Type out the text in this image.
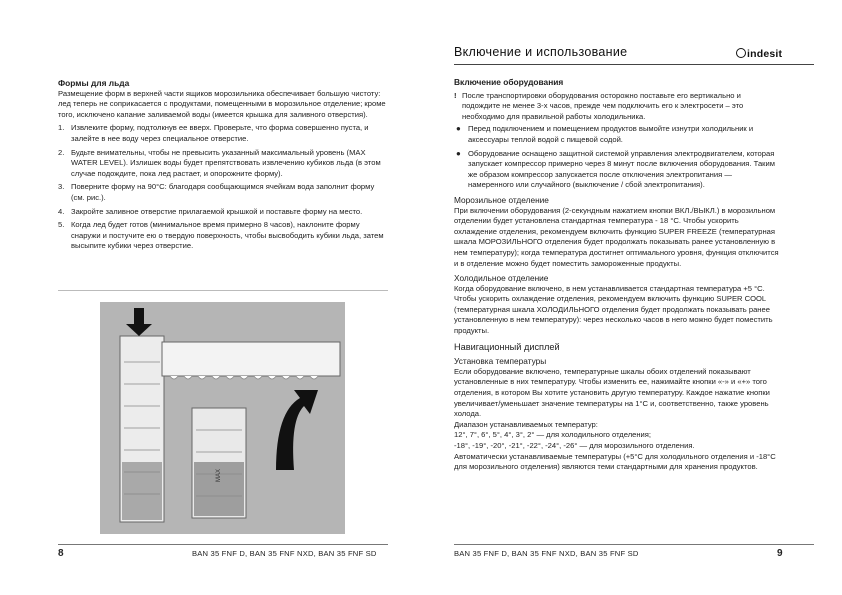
Формы для льда

Размещение форм в верхней части ящиков морозильника обеспечивает большую чистоту: лед теперь не соприкасается с продуктами, помещенными в морозильное отделение; кроме того, исключено капание заливаемой воды (имеется крышка для заливного отверстия).

1. Извлеките форму, подтолкнув ее вверх. Проверьте, что форма совершенно пуста, и залейте в нее воду через специальное отверстие.
2. Будьте внимательны, чтобы не превысить указанный максимальный уровень (MAX WATER LEVEL). Излишек воды будет препятствовать извлечению кубиков льда (в этом случае подождите, пока лед растает, и опорожните форму).
3. Поверните форму на 90°С: благодаря сообщающимся ячейкам вода заполнит форму (см. рис.).
4. Закройте заливное отверстие прилагаемой крышкой и поставьте форму на место.
5. Когда лед будет готов (минимальное время примерно 8 часов), наклоните форму снаружи и постучите ею о твердую поверхность, чтобы высвободить кубики льда, затем высыпите кубики через отверстие.
MAX
8	BAN 35 FNF D, BAN 35 FNF NXD, BAN 35 FNF SD
Включение и использование	indesit

Включение оборудования

! После транспортировки оборудования осторожно поставьте его вертикально и подождите не менее 3-х часов, прежде чем подключить его к электросети – это необходимо для правильной работы холодильника.

● Перед подключением и помещением продуктов вымойте изнутри холодильник и аксессуары теплой водой с пищевой содой.
● Оборудование оснащено защитной системой управления электродвигателем, которая запускает компрессор примерно через 8 минут после включения оборудования. Таким же образом компрессор запускается после отключения электропитания — намеренного или случайного (выключение / сбой электропитания).

Морозильное отделение

При включении оборудования (2-секундным нажатием кнопки ВКЛ./ВЫКЛ.) в морозильном отделении будет установлена стандартная температура - 18 °С. Чтобы ускорить охлаждение отделения, рекомендуем включить функцию SUPER FREEZE (температурная шкала МОРОЗИЛЬНОГО отделения будет продолжать показывать ранее установленную в нем температуру); когда температура достигнет оптимального уровня, функция отключится и в отделение можно будет поместить замороженные продукты.

Холодильное отделение

Когда оборудование включено, в нем устанавливается стандартная температура +5 °С. Чтобы ускорить охлаждение отделения, рекомендуем включить функцию SUPER COOL (температурная шкала ХОЛОДИЛЬНОГО отделения будет продолжать показывать ранее установленную в нем температуру): через несколько часов в него можно будет поместить продукты.

Навигационный дисплей

Установка температуры

Если оборудование включено, температурные шкалы обоих отделений показывают установленные в них температуру. Чтобы изменить ее, нажимайте кнопки «-» и «+» того отделения, в котором Вы хотите установить другую температуру. Каждое нажатие кнопки увеличивает/уменьшает значение температуры на 1°С и, соответственно, также уровень холода.

Диапазон устанавливаемых температур:

12°, 7°, 6°, 5°, 4°, 3°, 2° — для холодильного отделения;

-18°, -19°, -20°, -21°, -22°, -24°, -26° — для морозильного отделения.

Автоматически устанавливаемые температуры (+5°С для холодильного отделения и -18°С для морозильного отделения) являются теми стандартными для хранения продуктов.

BAN 35 FNF D, BAN 35 FNF NXD, BAN 35 FNF SD	9
